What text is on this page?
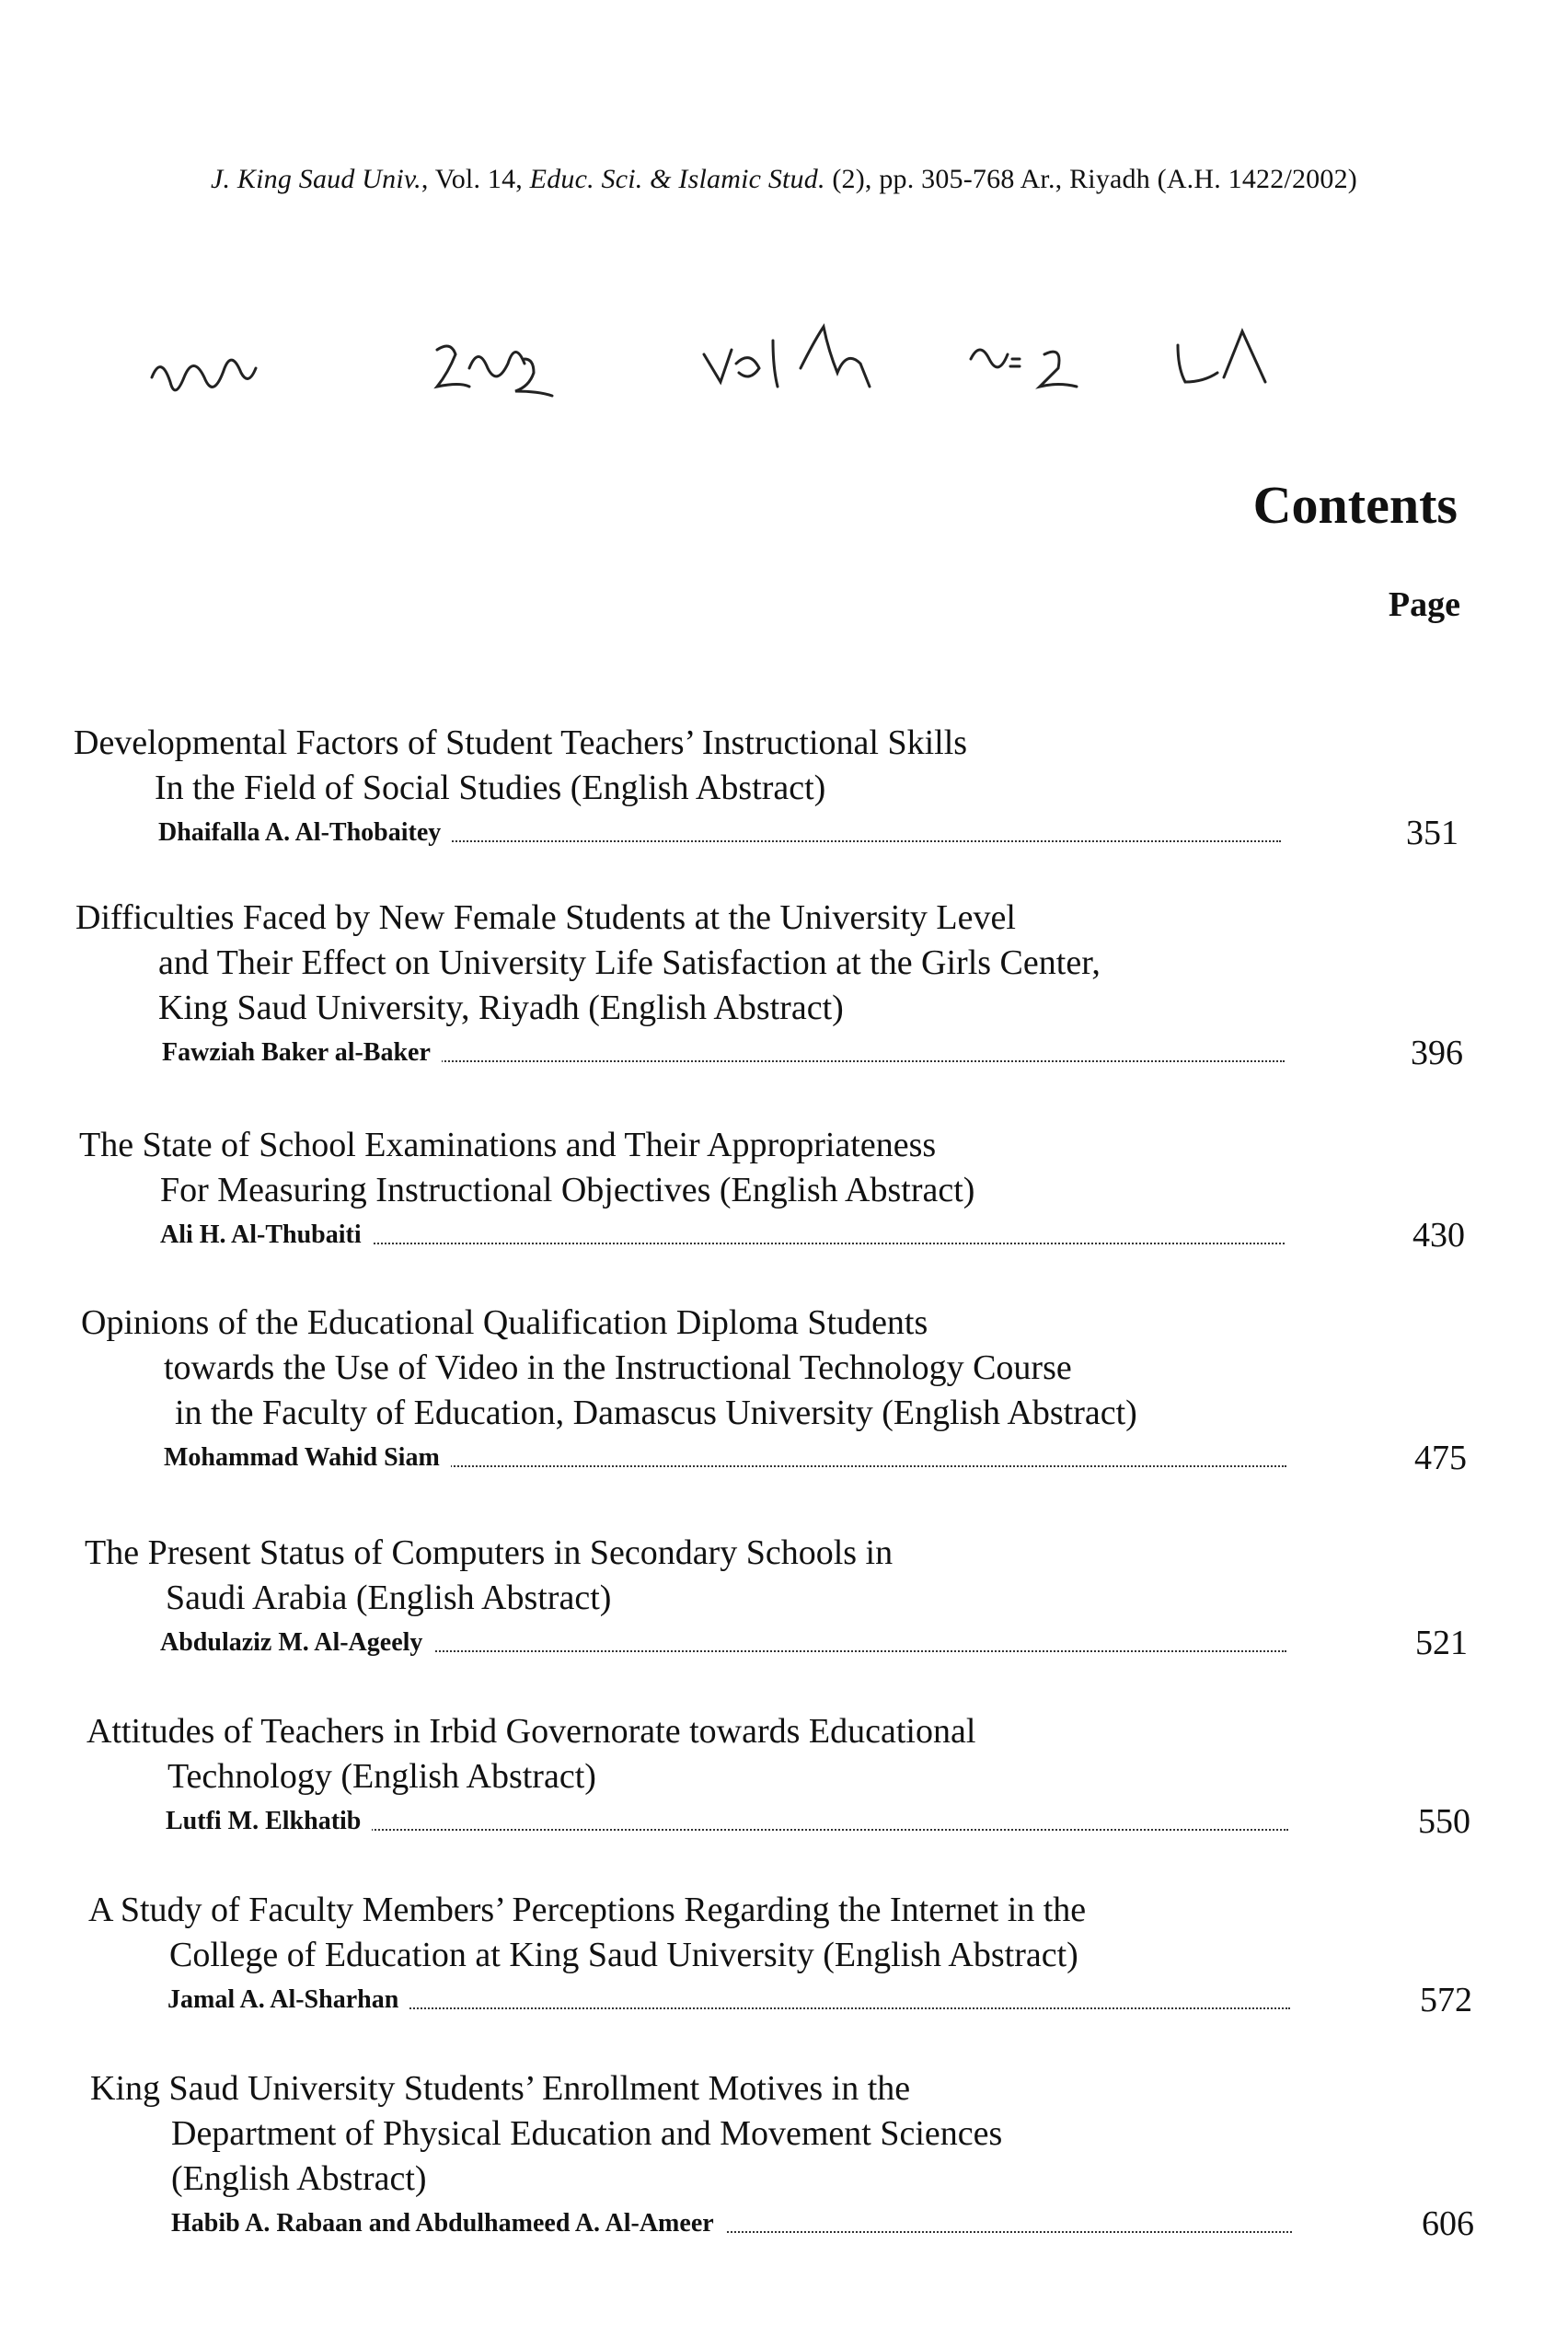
J. King Saud Univ., Vol. 14, Educ. Sci. & Islamic Stud. (2), pp. 305-768 Ar., Riyadh (A.H. 1422/2002)
Contents
Page
Developmental Factors of Student Teachers’ Instructional Skills
In the Field of Social Studies (English Abstract)
Dhaifalla A. Al-Thobaitey	351
Difficulties Faced by New Female Students at the University Level
and Their Effect on University Life Satisfaction at the Girls Center,
King Saud University, Riyadh (English Abstract)
Fawziah Baker al-Baker	396
The State of School Examinations and Their Appropriateness
For Measuring Instructional Objectives (English Abstract)
Ali H. Al-Thubaiti	430
Opinions of the Educational Qualification Diploma Students
towards the Use of Video in the Instructional Technology Course
in the Faculty of Education, Damascus University (English Abstract)
Mohammad Wahid Siam	475
The Present Status of Computers in Secondary Schools in
Saudi Arabia (English Abstract)
Abdulaziz M. Al-Ageely	521
Attitudes of Teachers in Irbid Governorate towards Educational
Technology (English Abstract)
Lutfi M. Elkhatib	550
A Study of Faculty Members’ Perceptions Regarding the Internet in the
College of Education at King Saud University (English Abstract)
Jamal A. Al-Sharhan	572
King Saud University Students’ Enrollment Motives in the
Department of Physical Education and Movement Sciences
(English Abstract)
Habib A. Rabaan and Abdulhameed A. Al-Ameer	606
